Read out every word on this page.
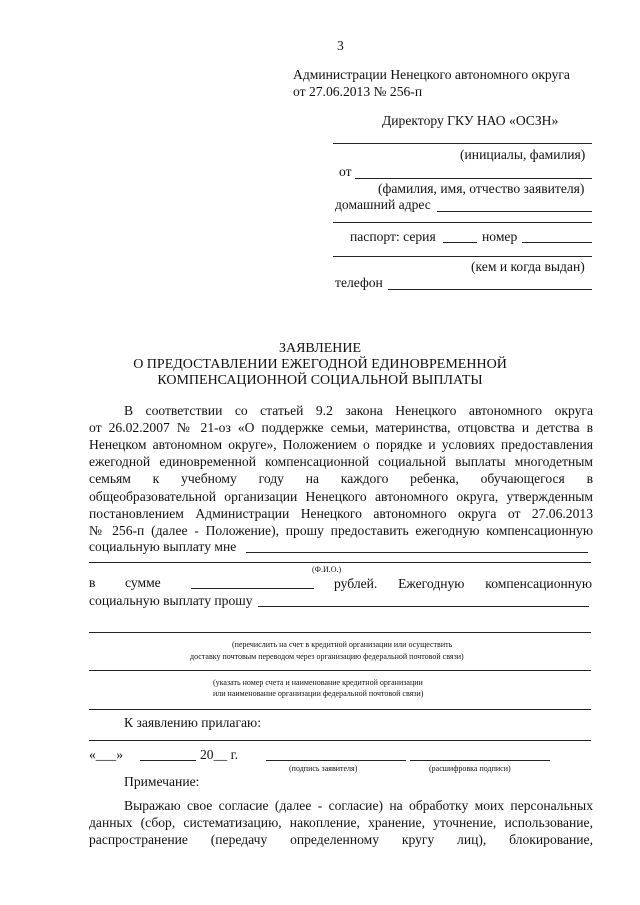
3
Администрации Ненецкого автономного округа
от 27.06.2013 № 256-п
Директору ГКУ НАО «ОСЗН»
(инициалы, фамилия)
от
(фамилия, имя, отчество заявителя)
домашний адрес
паспорт: серия	номер
(кем и когда выдан)
телефон
ЗАЯВЛЕНИЕ
О ПРЕДОСТАВЛЕНИИ ЕЖЕГОДНОЙ ЕДИНОВРЕМЕННОЙ
КОМПЕНСАЦИОННОЙ СОЦИАЛЬНОЙ ВЫПЛАТЫ
В соответствии со статьей 9.2 закона Ненецкого автономного округа
от 26.02.2007 № 21-оз «О поддержке семьи, материнства, отцовства и детства в
Ненецком автономном округе», Положением о порядке и условиях предоставления
ежегодной единовременной компенсационной социальной выплаты многодетным
семьям к учебному году на каждого ребенка, обучающегося в
общеобразовательной организации Ненецкого автономного округа, утвержденным
постановлением Администрации Ненецкого автономного округа от 27.06.2013
№ 256-п (далее - Положение), прошу предоставить ежегодную компенсационную
социальную выплату мне
(Ф.И.О.)
в сумме	рублей. Ежегодную компенсационную
социальную выплату прошу
(перечислить на счет в кредитной организации или осуществить
доставку почтовым переводом через организацию федеральной почтовой связи)
(указать номер счета и наименование кредитной организации
или наименование организации федеральной почтовой связи)
К заявлению прилагаю:
«___»	20__ г.
(подпись заявителя)	(расшифровка подписи)
Примечание:
Выражаю свое согласие (далее - согласие) на обработку моих персональных
данных (сбор, систематизацию, накопление, хранение, уточнение, использование,
распространение (передачу определенному кругу лиц), блокирование,
